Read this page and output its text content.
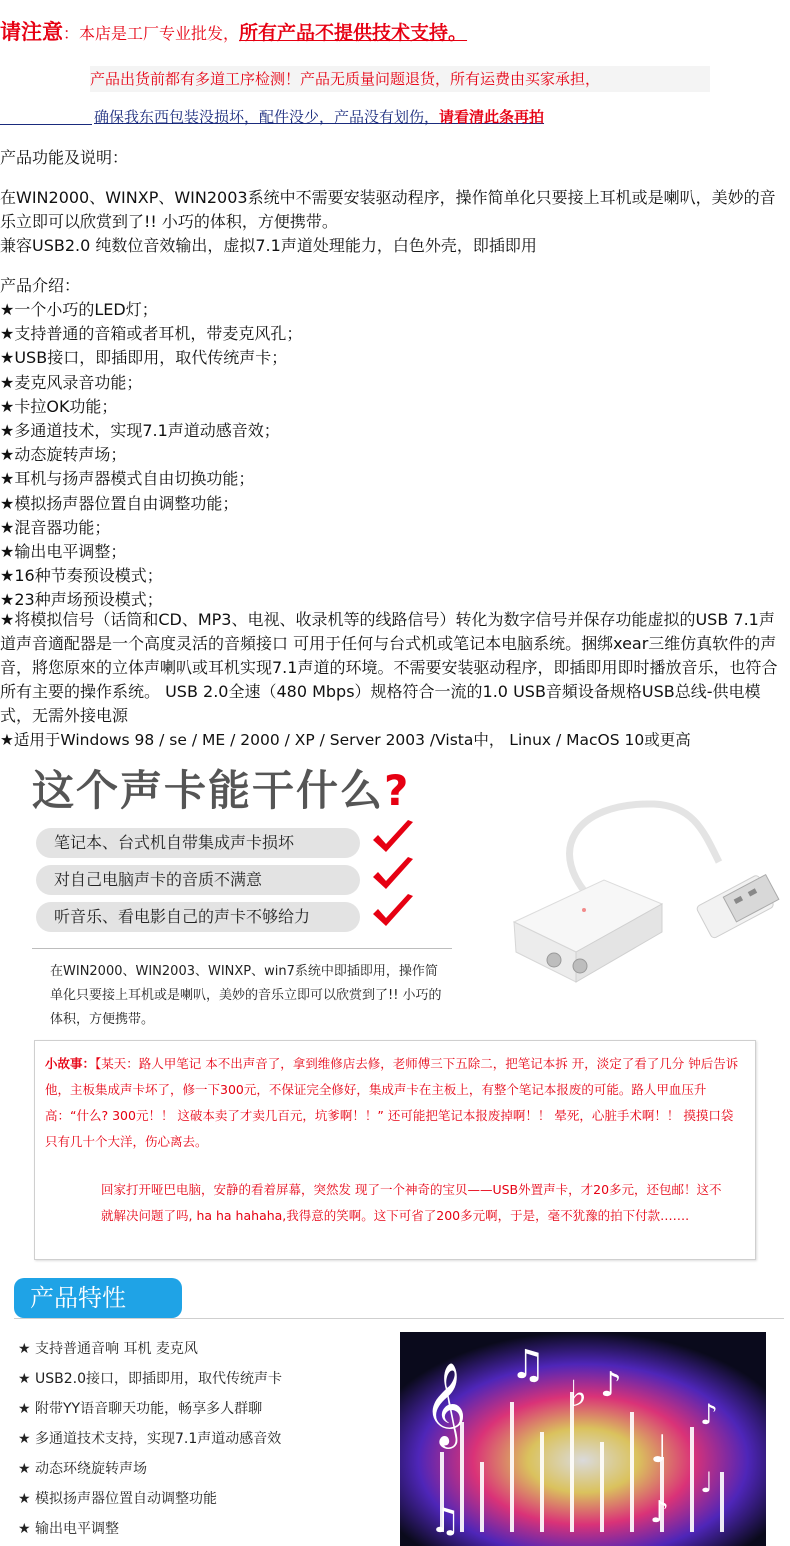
请注意：本店是工厂专业批发，所有产品不提供技术支持。
产品出货前都有多道工序检测！产品无质量问题退货，所有运费由买家承担，
确保我东西包装没损坏，配件没少，产品没有划伤，请看清此条再拍
产品功能及说明：
在WIN2000、WINXP、WIN2003系统中不需要安装驱动程序，操作简单化只要接上耳机或是喇叭，美妙的音乐立即可以欣赏到了!! 小巧的体积，方便携带。
兼容USB2.0 纯数位音效输出，虚拟7.1声道处理能力，白色外壳，即插即用
产品介绍：
★一个小巧的LED灯；
★支持普通的音箱或者耳机，带麦克风孔；
★USB接口，即插即用，取代传统声卡；
★麦克风录音功能；
★卡拉OK功能；
★多通道技术，实现7.1声道动感音效；
★动态旋转声场；
★耳机与扬声器模式自由切换功能；
★模拟扬声器位置自由调整功能；
★混音器功能；
★输出电平调整；
★16种节奏预设模式；
★23种声场预设模式；
★将模拟信号（话筒和CD、MP3、电视、收录机等的线路信号）转化为数字信号并保存功能虚拟的USB 7.1声道声音適配器是一个高度灵活的音頻接口 可用于任何与台式机或笔记本电脑系统。捆绑xear三维仿真软件的声音，將您原來的立体声喇叭或耳机实现7.1声道的环境。不需要安装驱动程序，即插即用即时播放音乐，也符合所有主要的操作系统。 USB 2.0全速（480 Mbps）规格符合一流的1.0 USB音頻设备规格USB总线-供电模式，无需外接电源
★适用于Windows 98 / se / ME / 2000 / XP / Server 2003 /Vista中， Linux / MacOS 10或更高
这个声卡能干什么?
笔记本、台式机自带集成声卡损坏
对自己电脑声卡的音质不满意
听音乐、看电影自己的声卡不够给力
在WIN2000、WIN2003、WINXP、win7系统中即插即用，操作简单化只要接上耳机或是喇叭，美妙的音乐立即可以欣赏到了!! 小巧的体积，方便携带。
小故事：【某天：路人甲笔记 本不出声音了，拿到维修店去修，老师傅三下五除二，把笔记本拆 开，淡定了看了几分 钟后告诉他，主板集成声卡坏了，修一下300元，不保证完全修好，集成声卡在主板上，有整个笔记本报废的可能。路人甲血压升高：“什么? 300元！！ 这破本卖了才卖几百元，坑爹啊！！” 还可能把笔记本报废掉啊！！ 晕死，心脏手术啊！！ 摸摸口袋只有几十个大洋，伤心离去。
回家打开哑巴电脑，安静的看着屏幕，突然发 现了一个神奇的宝贝——USB外置声卡，才20多元，还包邮！这不就解决问题了吗, ha ha hahaha,我得意的笑啊。这下可省了200多元啊，于是，毫不犹豫的拍下付款…….
产品特性
★ 支持普通音响 耳机 麦克风
★ USB2.0接口，即插即用，取代传统声卡
★ 附带YY语音聊天功能，畅享多人群聊
★ 多通道技术支持，实现7.1声道动感音效
★ 动态环绕旋转声场
★ 模拟扬声器位置自动调整功能
★ 输出电平调整
𝄞 ♫
♭ ♪
♩
♪
♩
♫	♪
